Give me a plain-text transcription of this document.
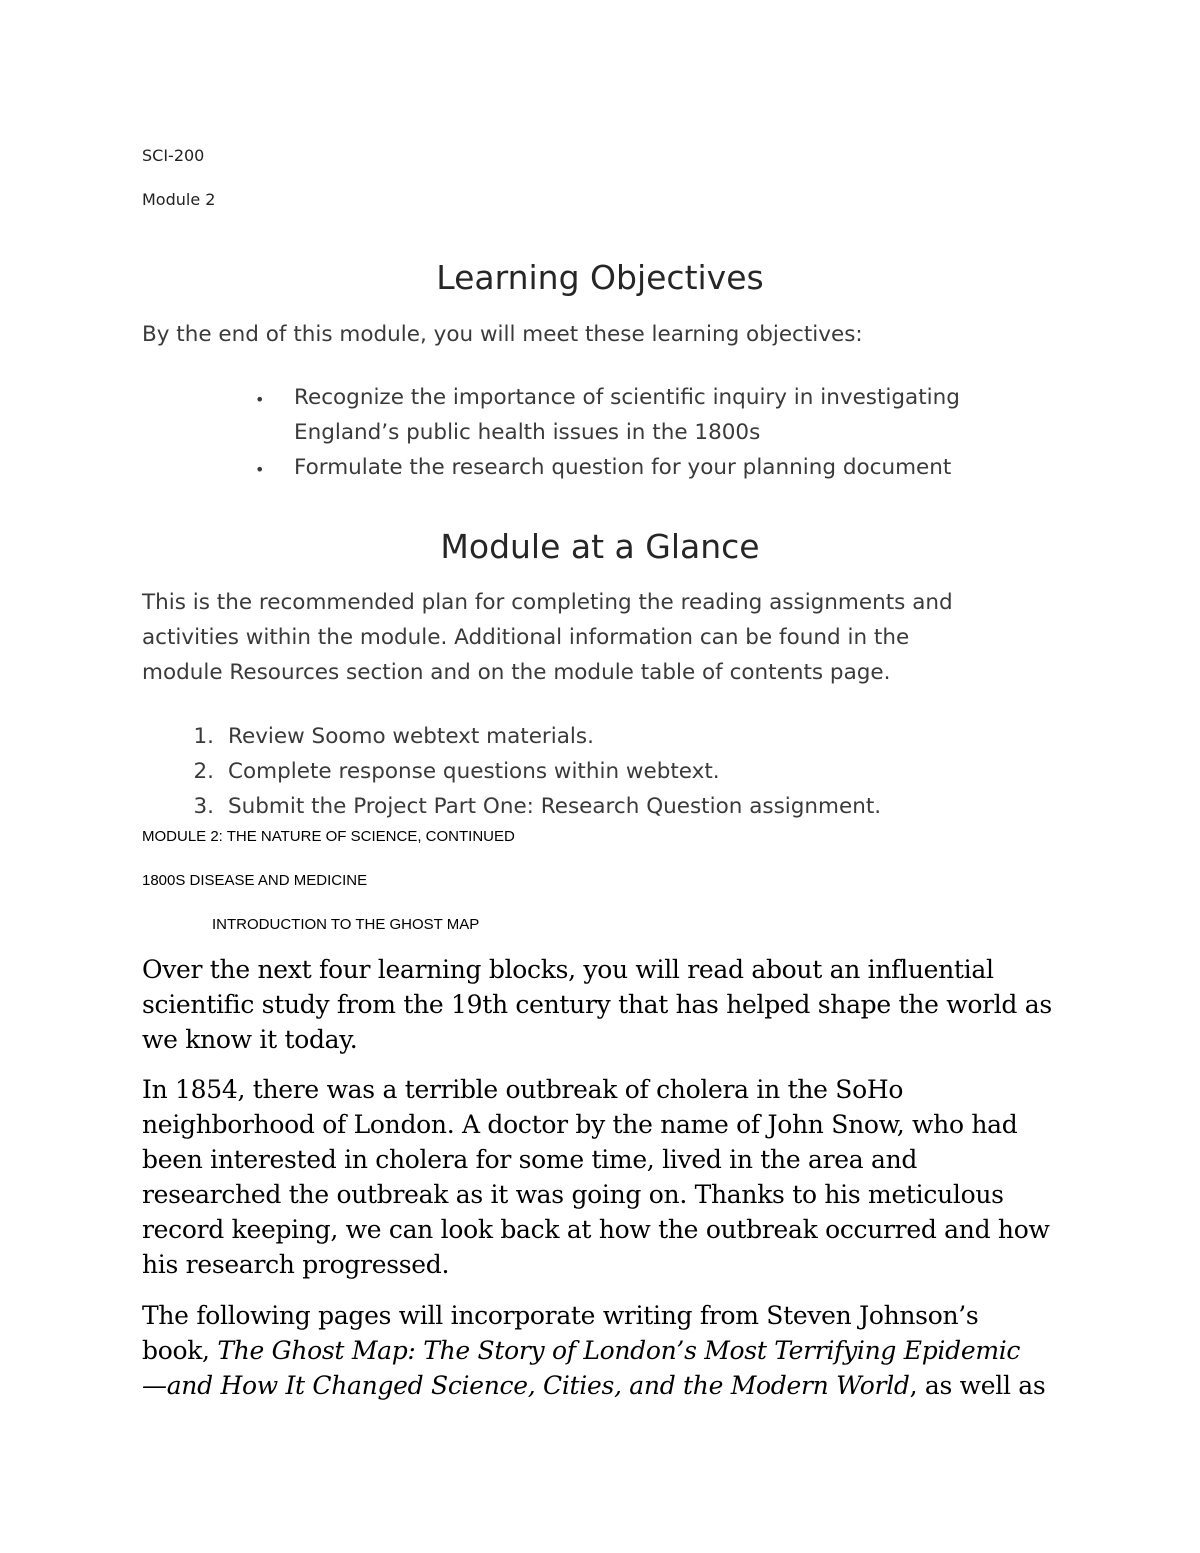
SCI-200

Module 2

Learning Objectives

By the end of this module, you will meet these learning objectives:

• Recognize the importance of scientific inquiry in investigating

England’s public health issues in the 1800s

• Formulate the research question for your planning document

Module at a Glance

This is the recommended plan for completing the reading assignments and

activities within the module. Additional information can be found in the

module Resources section and on the module table of contents page.

1. Review Soomo webtext materials.

2. Complete response questions within webtext.

3. Submit the Project Part One: Research Question assignment.

MODULE 2: THE NATURE OF SCIENCE, CONTINUED

1800S DISEASE AND MEDICINE

INTRODUCTION TO THE GHOST MAP

Over the next four learning blocks, you will read about an influential

scientific study from the 19th century that has helped shape the world as

we know it today.

In 1854, there was a terrible outbreak of cholera in the SoHo

neighborhood of London. A doctor by the name of John Snow, who had

been interested in cholera for some time, lived in the area and

researched the outbreak as it was going on. Thanks to his meticulous

record keeping, we can look back at how the outbreak occurred and how

his research progressed.

The following pages will incorporate writing from Steven Johnson’s

book, The Ghost Map: The Story of London’s Most Terrifying Epidemic

—and How It Changed Science, Cities, and the Modern World, as well as
